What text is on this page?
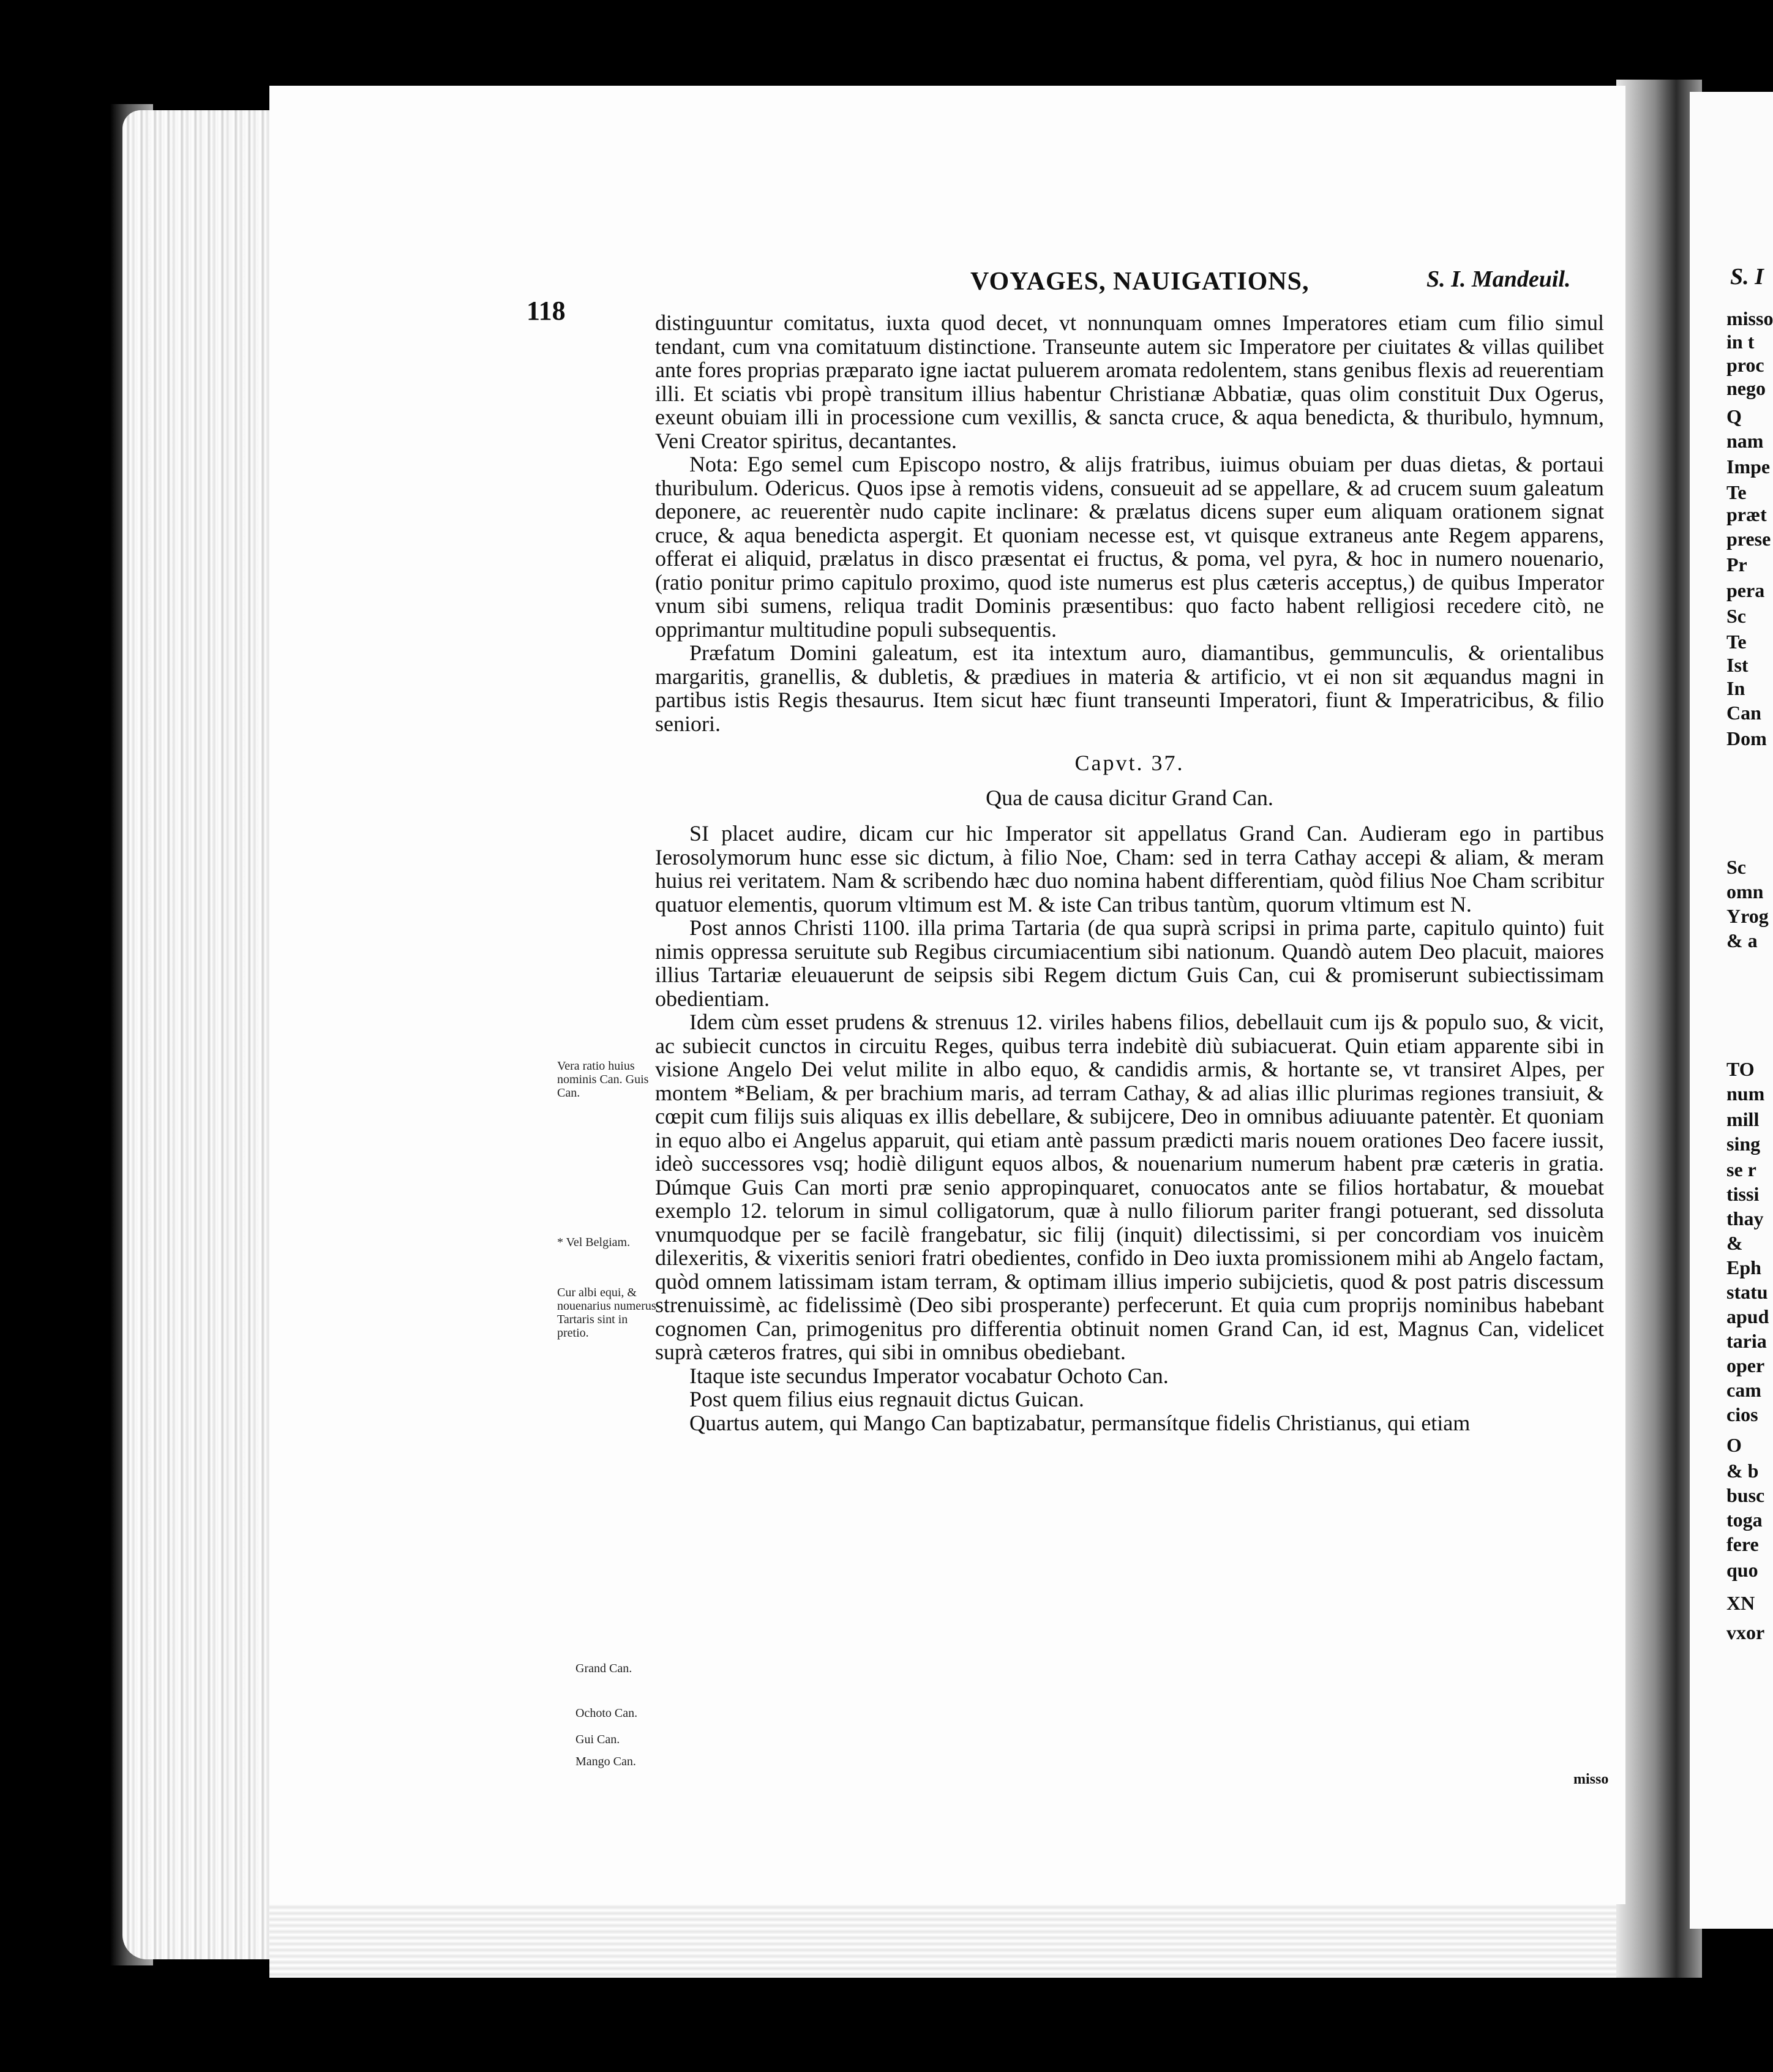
S. I
misso
in t
proc
nego
Q
nam
Impe
Te
præt
prese
Pr
pera
Sc
Te
Ist
In
Can
Dom
Sc
omn
Yrog
& a
TO
num
mill
sing
se r
tissi
thay
&
Eph
statu
apud
taria
oper
cam
cios
O
& b
busc
toga
fere
quo
XN
vxor
118
VOYAGES, NAUIGATIONS,	S. I. Mandeuil.

distinguuntur comitatus, iuxta quod decet, vt nonnunquam omnes Imperatores etiam cum filio simul tendant, cum vna comitatuum distinctione. Transeunte autem sic Imperatore per ciuitates & villas quilibet ante fores proprias præparato igne iactat puluerem aromata redolentem, stans genibus flexis ad reuerentiam illi. Et sciatis vbi propè transitum illius habentur Christianæ Abbatiæ, quas olim constituit Dux Ogerus, exeunt obuiam illi in processione cum vexillis, & sancta cruce, & aqua benedicta, & thuribulo, hymnum, Veni Creator spiritus, decantantes.

Nota: Ego semel cum Episcopo nostro, & alijs fratribus, iuimus obuiam per duas dietas, & portaui thuribulum. Odericus. Quos ipse à remotis videns, consueuit ad se appellare, & ad crucem suum galeatum deponere, ac reuerentèr nudo capite inclinare: & prælatus dicens super eum aliquam orationem signat cruce, & aqua benedicta aspergit. Et quoniam necesse est, vt quisque extraneus ante Regem apparens, offerat ei aliquid, prælatus in disco præsentat ei fructus, & poma, vel pyra, & hoc in numero nouenario, (ratio ponitur primo capitulo proximo, quod iste numerus est plus cæteris acceptus,) de quibus Imperator vnum sibi sumens, reliqua tradit Dominis præsentibus: quo facto habent relligiosi recedere citò, ne opprimantur multitudine populi subsequentis.

Præfatum Domini galeatum, est ita intextum auro, diamantibus, gemmunculis, & orientalibus margaritis, granellis, & dubletis, & prædiues in materia & artificio, vt ei non sit æquandus magni in partibus istis Regis thesaurus. Item sicut hæc fiunt transeunti Imperatori, fiunt & Imperatricibus, & filio seniori.

Capvt. 37.

Qua de causa dicitur Grand Can.

SI placet audire, dicam cur hic Imperator sit appellatus Grand Can. Audieram ego in partibus Ierosolymorum hunc esse sic dictum, à filio Noe, Cham: sed in terra Cathay accepi & aliam, & meram huius rei veritatem. Nam & scribendo hæc duo nomina habent differentiam, quòd filius Noe Cham scribitur quatuor elementis, quorum vltimum est M. & iste Can tribus tantùm, quorum vltimum est N.

Post annos Christi 1100. illa prima Tartaria (de qua suprà scripsi in prima parte, capitulo quinto) fuit nimis oppressa seruitute sub Regibus circumiacentium sibi nationum. Quandò autem Deo placuit, maiores illius Tartariæ eleuauerunt de seipsis sibi Regem dictum Guis Can, cui & promiserunt subiectissimam obedientiam.

Idem cùm esset prudens & strenuus 12. viriles habens filios, debellauit cum ijs & populo suo, & vicit, ac subiecit cunctos in circuitu Reges, quibus terra indebitè diù subiacuerat. Quin etiam apparente sibi in visione Angelo Dei velut milite in albo equo, & candidis armis, & hortante se, vt transiret Alpes, per montem *Beliam, & per brachium maris, ad terram Cathay, & ad alias illic plurimas regiones transiuit, & cœpit cum filijs suis aliquas ex illis debellare, & subijcere, Deo in omnibus adiuuante patentèr. Et quoniam in equo albo ei Angelus apparuit, qui etiam antè passum prædicti maris nouem orationes Deo facere iussit, ideò successores vsq; hodiè diligunt equos albos, & nouenarium numerum habent præ cæteris in gratia. Dúmque Guis Can morti præ senio appropinquaret, conuocatos ante se filios hortabatur, & mouebat exemplo 12. telorum in simul colligatorum, quæ à nullo filiorum pariter frangi potuerant, sed dissoluta vnumquodque per se facilè frangebatur, sic filij (inquit) dilectissimi, si per concordiam vos inuicèm dilexeritis, & vixeritis seniori fratri obedientes, confido in Deo iuxta promissionem mihi ab Angelo factam, quòd omnem latissimam istam terram, & optimam illius imperio subijcietis, quod & post patris discessum strenuissimè, ac fidelissimè (Deo sibi prosperante) perfecerunt. Et quia cum proprijs nominibus habebant cognomen Can, primogenitus pro differentia obtinuit nomen Grand Can, id est, Magnus Can, videlicet suprà cæteros fratres, qui sibi in omnibus obediebant.

Itaque iste secundus Imperator vocabatur Ochoto Can.

Post quem filius eius regnauit dictus Guican.

Quartus autem, qui Mango Can baptizabatur, permansítque fidelis Christianus, qui etiam

misso
Vera ratio huius nominis Can. Guis Can.
* Vel Belgiam.
Cur albi equi, & nouenarius numerus Tartaris sint in pretio.
Grand Can.
Ochoto Can.
Gui Can.
Mango Can.
